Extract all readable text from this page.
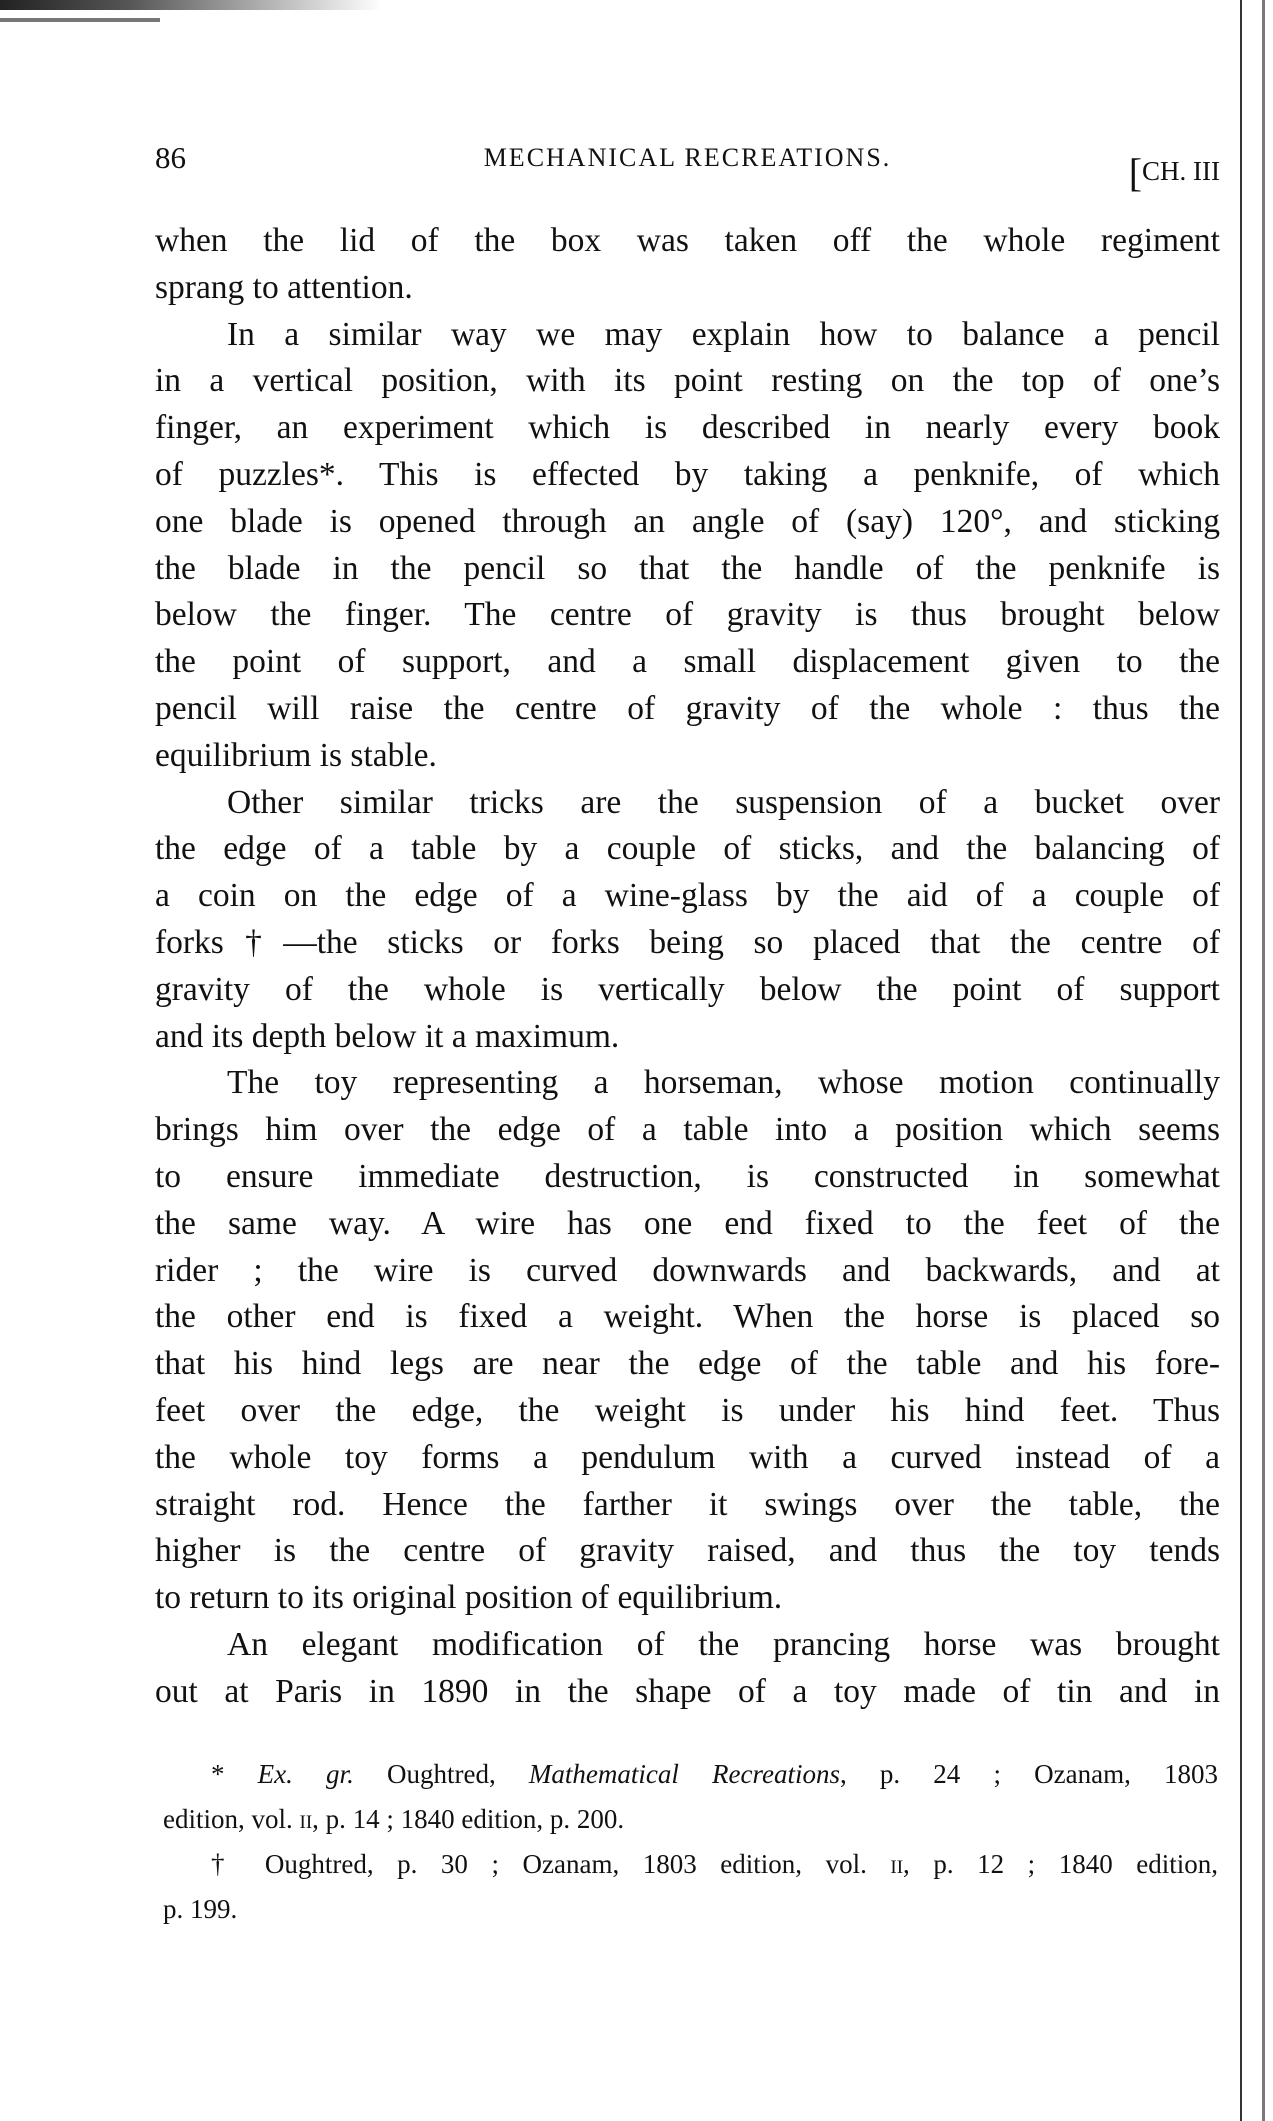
86	MECHANICAL RECREATIONS.	[CH. III
when the lid of the box was taken off the whole regiment
sprang to attention.
In a similar way we may explain how to balance a pencil
in a vertical position, with its point resting on the top of one’s
finger, an experiment which is described in nearly every book
of puzzles*. This is effected by taking a penknife, of which
one blade is opened through an angle of (say) 120°, and sticking
the blade in the pencil so that the handle of the penknife is
below the finger. The centre of gravity is thus brought below
the point of support, and a small displacement given to the
pencil will raise the centre of gravity of the whole : thus the
equilibrium is stable.
Other similar tricks are the suspension of a bucket over
the edge of a table by a couple of sticks, and the balancing of
a coin on the edge of a wine-glass by the aid of a couple of
forks†—the sticks or forks being so placed that the centre of
gravity of the whole is vertically below the point of support
and its depth below it a maximum.
The toy representing a horseman, whose motion continually
brings him over the edge of a table into a position which seems
to ensure immediate destruction, is constructed in somewhat
the same way. A wire has one end fixed to the feet of the
rider ; the wire is curved downwards and backwards, and at
the other end is fixed a weight. When the horse is placed so
that his hind legs are near the edge of the table and his fore-
feet over the edge, the weight is under his hind feet. Thus
the whole toy forms a pendulum with a curved instead of a
straight rod. Hence the farther it swings over the table, the
higher is the centre of gravity raised, and thus the toy tends
to return to its original position of equilibrium.
An elegant modification of the prancing horse was brought
out at Paris in 1890 in the shape of a toy made of tin and in
* Ex. gr. Oughtred, Mathematical Recreations, p. 24 ; Ozanam, 1803
edition, vol. ii, p. 14 ; 1840 edition, p. 200.
† Oughtred, p. 30 ; Ozanam, 1803 edition, vol. ii, p. 12 ; 1840 edition,
p. 199.
